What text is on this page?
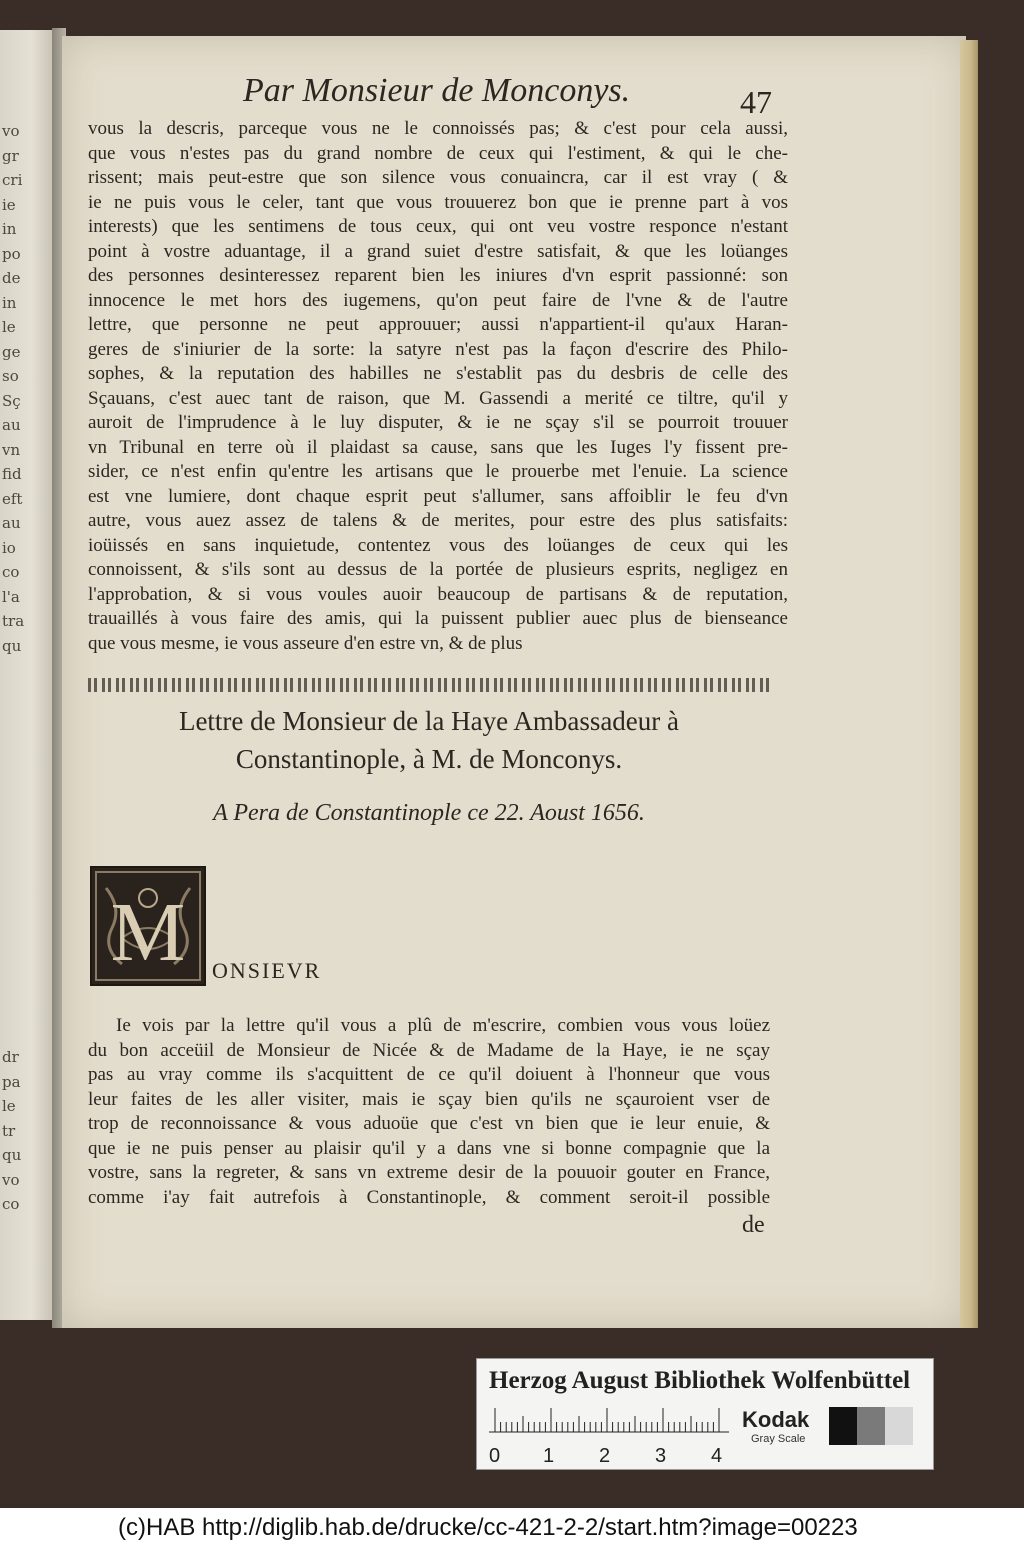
vo
gr
cri
ie
in
po
de
in
le
ge
so
Sç
au
vn
fid
eft
au
io
co
l'a
tra
qu
dr
pa
le
tr
qu
vo
co
Par Monsieur de Monconys.	47
vous la descris, parceque vous ne le connoissés pas; & c'est pour cela aussi,
que vous n'estes pas du grand nombre de ceux qui l'estiment, & qui le che-
rissent; mais peut-estre que son silence vous conuaincra, car il est vray ( &
ie ne puis vous le celer, tant que vous trouuerez bon que ie prenne part à vos
interests) que les sentimens de tous ceux, qui ont veu vostre responce n'estant
point à vostre aduantage, il a grand suiet d'estre satisfait, & que les loüanges
des personnes desinteressez reparent bien les iniures d'vn esprit passionné: son
innocence le met hors des iugemens, qu'on peut faire de l'vne & de l'autre
lettre, que personne ne peut approuuer; aussi n'appartient-il qu'aux Haran-
geres de s'iniurier de la sorte: la satyre n'est pas la façon d'escrire des Philo-
sophes, & la reputation des habilles ne s'establit pas du desbris de celle des
Sçauans, c'est auec tant de raison, que M. Gassendi a merité ce tiltre, qu'il y
auroit de l'imprudence à le luy disputer, & ie ne sçay s'il se pourroit trouuer
vn Tribunal en terre où il plaidast sa cause, sans que les Iuges l'y fissent pre-
sider, ce n'est enfin qu'entre les artisans que le prouerbe met l'enuie. La science
est vne lumiere, dont chaque esprit peut s'allumer, sans affoiblir le feu d'vn
autre, vous auez assez de talens & de merites, pour estre des plus satisfaits:
ioüissés en sans inquietude, contentez vous des loüanges de ceux qui les
connoissent, & s'ils sont au dessus de la portée de plusieurs esprits, negligez en
l'approbation, & si vous voules auoir beaucoup de partisans & de reputation,
trauaillés à vous faire des amis, qui la puissent publier auec plus de bienseance
que vous mesme, ie vous asseure d'en estre vn, & de plus
Lettre de Monsieur de la Haye Ambassadeur à
Constantinople, à M. de Monconys.
A Pera de Constantinople ce 22. Aoust 1656.
M ONSIEVR
Ie vois par la lettre qu'il vous a plû de m'escrire, combien vous vous loüez
du bon acceüil de Monsieur de Nicée & de Madame de la Haye, ie ne sçay
pas au vray comme ils s'acquittent de ce qu'il doiuent à l'honneur que vous
leur faites de les aller visiter, mais ie sçay bien qu'ils ne sçauroient vser de
trop de reconnoissance & vous aduoüe que c'est vn bien que ie leur enuie, &
que ie ne puis penser au plaisir qu'il y a dans vne si bonne compagnie que la
vostre, sans la regreter, & sans vn extreme desir de la pouuoir gouter en France,
comme i'ay fait autrefois à Constantinople, & comment seroit-il possible
de
Herzog August Bibliothek Wolfenbüttel
0 1 2 3 4
Kodak
Gray Scale
(c)HAB http://diglib.hab.de/drucke/cc-421-2-2/start.htm?image=00223
